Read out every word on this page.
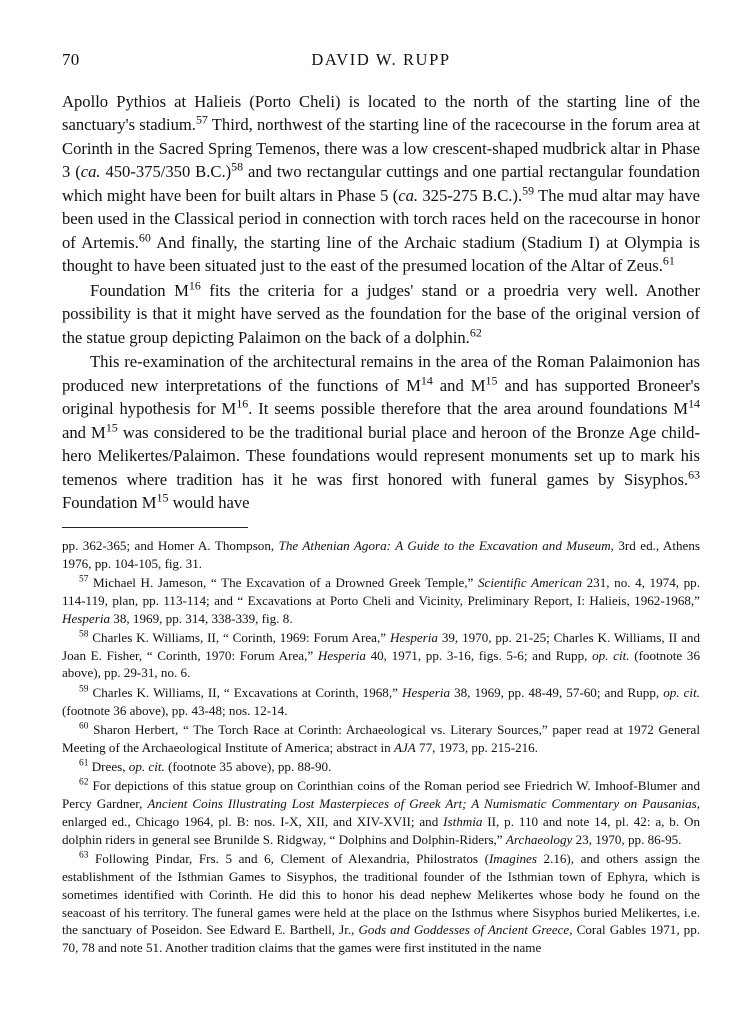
70	DAVID W. RUPP

Apollo Pythios at Halieis (Porto Cheli) is located to the north of the starting line of the sanctuary's stadium.$^{57}$ Third, northwest of the starting line of the racecourse in the forum area at Corinth in the Sacred Spring Temenos, there was a low crescent-shaped mudbrick altar in Phase 3 (ca. 450-375/350 B.C.)$^{58}$ and two rectangular cuttings and one partial rectangular foundation which might have been for built altars in Phase 5 (ca. 325-275 B.C.).$^{59}$ The mud altar may have been used in the Classical period in connection with torch races held on the racecourse in honor of Artemis.$^{60}$ And finally, the starting line of the Archaic stadium (Stadium I) at Olympia is thought to have been situated just to the east of the presumed location of the Altar of Zeus.$^{61}$

Foundation $M^{16}$ fits the criteria for a judges' stand or a proedria very well. Another possibility is that it might have served as the foundation for the base of the original version of the statue group depicting Palaimon on the back of a dolphin.$^{62}$

This re-examination of the architectural remains in the area of the Roman Palaimonion has produced new interpretations of the functions of $M^{14}$ and $M^{15}$ and has supported Broneer's original hypothesis for $M^{16}$. It seems possible therefore that the area around foundations $M^{14}$ and $M^{15}$ was considered to be the traditional burial place and heroon of the Bronze Age child-hero Melikertes/Palaimon. These foundations would represent monuments set up to mark his temenos where tradition has it he was first honored with funeral games by Sisyphos.$^{63}$ Foundation $M^{15}$ would have

pp. 362-365; and Homer A. Thompson, The Athenian Agora: A Guide to the Excavation and Museum, 3rd ed., Athens 1976, pp. 104-105, fig. 31.

$^{57}$ Michael H. Jameson, “ The Excavation of a Drowned Greek Temple,” Scientific American 231, no. 4, 1974, pp. 114-119, plan, pp. 113-114; and “ Excavations at Porto Cheli and Vicinity, Preliminary Report, I: Halieis, 1962-1968,” Hesperia 38, 1969, pp. 314, 338-339, fig. 8.

$^{58}$ Charles K. Williams, II, “ Corinth, 1969: Forum Area,” Hesperia 39, 1970, pp. 21-25; Charles K. Williams, II and Joan E. Fisher, “ Corinth, 1970: Forum Area,” Hesperia 40, 1971, pp. 3-16, figs. 5-6; and Rupp, op. cit. (footnote 36 above), pp. 29-31, no. 6.

$^{59}$ Charles K. Williams, II, “ Excavations at Corinth, 1968,” Hesperia 38, 1969, pp. 48-49, 57-60; and Rupp, op. cit. (footnote 36 above), pp. 43-48; nos. 12-14.

$^{60}$ Sharon Herbert, “ The Torch Race at Corinth: Archaeological vs. Literary Sources,” paper read at 1972 General Meeting of the Archaeological Institute of America; abstract in AJA 77, 1973, pp. 215-216.

$^{61}$ Drees, op. cit. (footnote 35 above), pp. 88-90.

$^{62}$ For depictions of this statue group on Corinthian coins of the Roman period see Friedrich W. Imhoof-Blumer and Percy Gardner, Ancient Coins Illustrating Lost Masterpieces of Greek Art; A Numismatic Commentary on Pausanias, enlarged ed., Chicago 1964, pl. B: nos. I-X, XII, and XIV-XVII; and Isthmia II, p. 110 and note 14, pl. 42: a, b. On dolphin riders in general see Brunilde S. Ridgway, “ Dolphins and Dolphin-Riders,” Archaeology 23, 1970, pp. 86-95.

$^{63}$ Following Pindar, Frs. 5 and 6, Clement of Alexandria, Philostratos (Imagines 2.16), and others assign the establishment of the Isthmian Games to Sisyphos, the traditional founder of the Isthmian town of Ephyra, which is sometimes identified with Corinth. He did this to honor his dead nephew Melikertes whose body he found on the seacoast of his territory. The funeral games were held at the place on the Isthmus where Sisyphos buried Melikertes, i.e. the sanctuary of Poseidon. See Edward E. Barthell, Jr., Gods and Goddesses of Ancient Greece, Coral Gables 1971, pp. 70, 78 and note 51. Another tradition claims that the games were first instituted in the name
